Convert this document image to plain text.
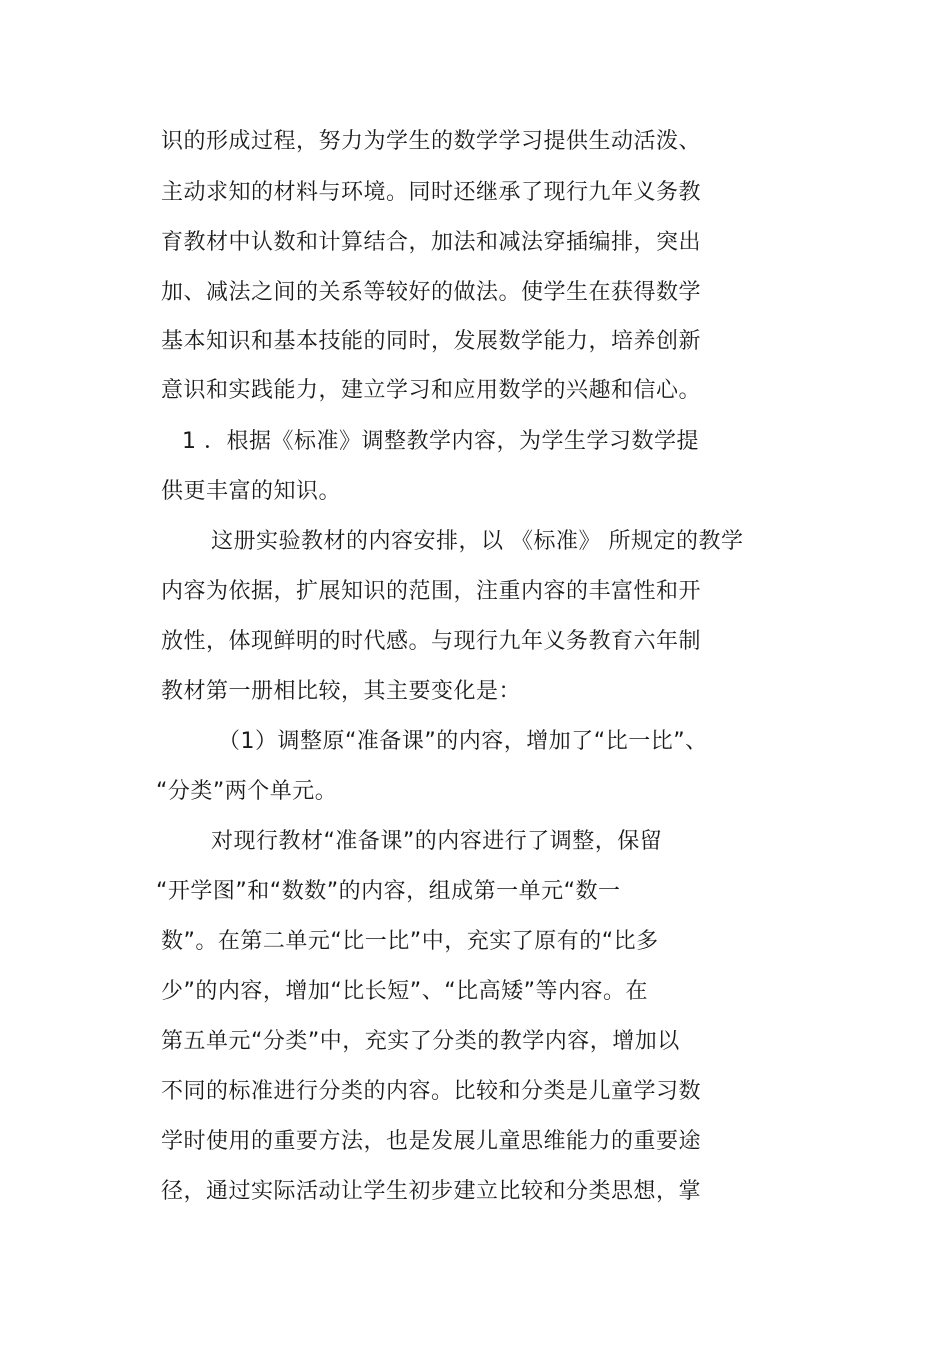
识的形成过程，努力为学生的数学学习提供生动活泼、
主动求知的材料与环境。同时还继承了现行九年义务教
育教材中认数和计算结合，加法和减法穿插编排，突出
加、减法之间的关系等较好的做法。使学生在获得数学
基本知识和基本技能的同时，发展数学能力，培养创新
意识和实践能力，建立学习和应用数学的兴趣和信心。
1 ．根据《标准》调整教学内容，为学生学习数学提
供更丰富的知识。
这册实验教材的内容安排，以 《标准》 所规定的教学
内容为依据，扩展知识的范围，注重内容的丰富性和开
放性，体现鲜明的时代感。与现行九年义务教育六年制
教材第一册相比较，其主要变化是：
（1）调整原“准备课”的内容，增加了“比一比”、
“分类”两个单元。
对现行教材“准备课”的内容进行了调整，保留
“开学图”和“数数”的内容，组成第一单元“数一
数”。在第二单元“比一比”中，充实了原有的“比多
少”的内容，增加“比长短”、“比高矮”等内容。在
第五单元“分类”中，充实了分类的教学内容，增加以
不同的标准进行分类的内容。比较和分类是儿童学习数
学时使用的重要方法，也是发展儿童思维能力的重要途
径，通过实际活动让学生初步建立比较和分类思想，掌
